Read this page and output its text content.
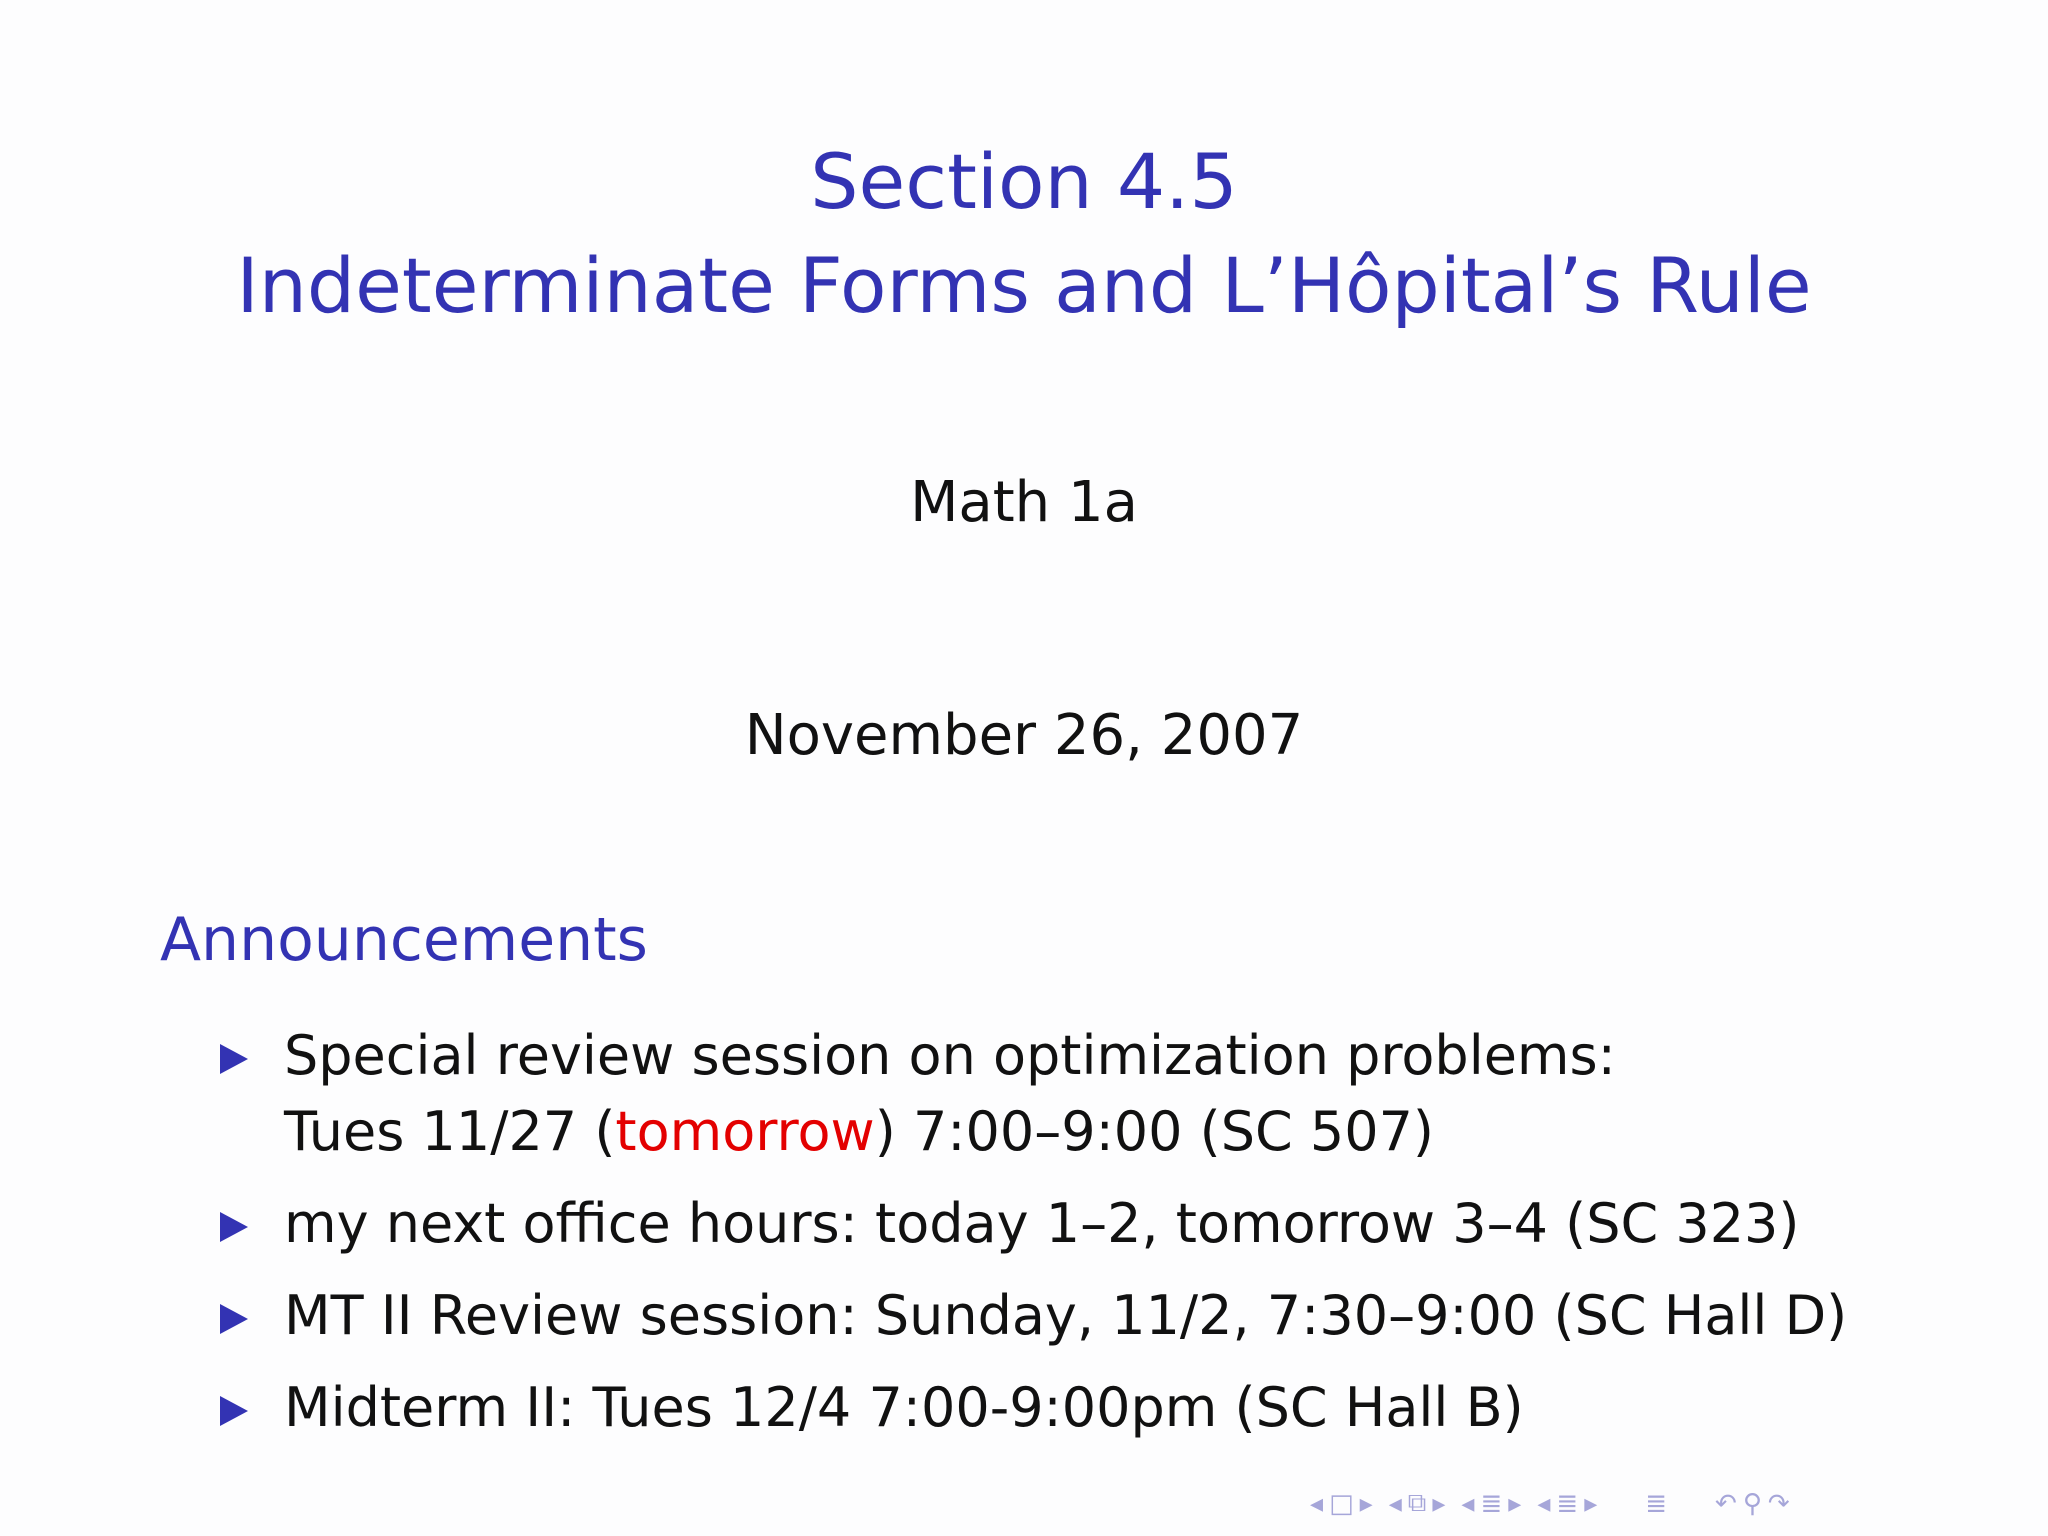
Section 4.5
Indeterminate Forms and L’Hôpital’s Rule
Math 1a
November 26, 2007
Announcements
Special review session on optimization problems:
Tues 11/27 (tomorrow) 7:00–9:00 (SC 507)
my next office hours: today 1–2, tomorrow 3–4 (SC 323)
MT II Review session: Sunday, 11/2, 7:30–9:00 (SC Hall D)
Midterm II: Tues 12/4 7:00-9:00pm (SC Hall B)
◂ □ ▸ ◂ ⧉ ▸ ◂ ≣ ▸ ◂ ≣ ▸ ≣ ↶ ⚲ ↷
